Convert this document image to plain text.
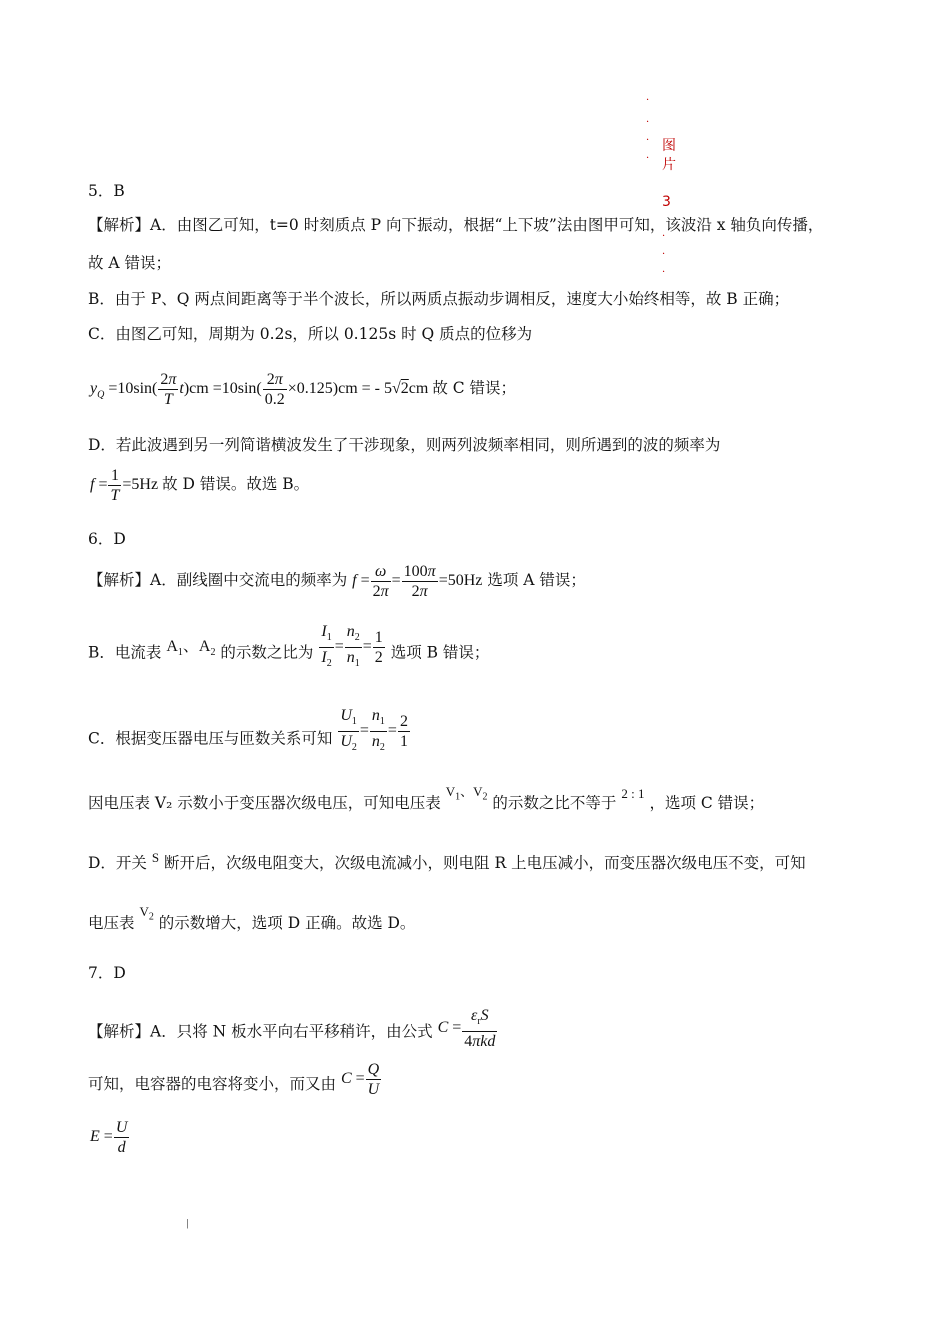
·
·
·
·
图
片
3
·
·
·
5．B
【解析】A．由图乙可知，t=0 时刻质点 P 向下振动，根据“上下坡”法由图甲可知，该波沿 x 轴负向传播，
故 A 错误；
B．由于 P、Q 两点间距离等于半个波长，所以两质点振动步调相反，速度大小始终相等，故 B 正确；
C．由图乙可知，周期为 0.2s，所以 0.125s 时 Q 质点的位移为
$y_Q =10\sin( \frac{2\pi}{T} t)cm =10\sin( \frac{2\pi}{0.2} \times 0.125)cm$ = - 5√2cm 故 C 错误；
D．若此波遇到另一列简谐横波发生了干涉现象，则两列波频率相同，则所遇到的波的频率为
$f = \frac{1}{T} =5Hz$ 故 D 错误。故选 B。
6．D
【解析】A．副线圈中交流电的频率为 $f = \frac{\omega}{2\pi} = \frac{100\pi}{2\pi} =50Hz$ 选项 A 错误；
B．电流表 $A_1$、$A_2$ 的示数之比为 $\frac{I_1}{I_2} = \frac{n_2}{n_1} = \frac{1}{2}$ 选项 B 错误；
C．根据变压器电压与匝数关系可知 $\frac{U_1}{U_2} = \frac{n_1}{n_2} = \frac{2}{1}$
因电压表 V₂ 示数小于变压器次级电压，可知电压表 $^{V_1、V_2}$ 的示数之比不等于 $^{2 : 1}$ ，选项 C 错误；
D．开关 $^S$ 断开后，次级电阻变大，次级电流减小，则电阻 R 上电压减小，而变压器次级电压不变，可知
电压表 $^{V_2}$ 的示数增大，选项 D 正确。故选 D。
7．D
【解析】A．只将 N 板水平向右平移稍许，由公式 $C = \frac{\varepsilon_rS}{\text{4πkd}}$
可知，电容器的电容将变小，而又由 $C = \frac{Q}{U}$
$E = \frac{U}{d}$
|
